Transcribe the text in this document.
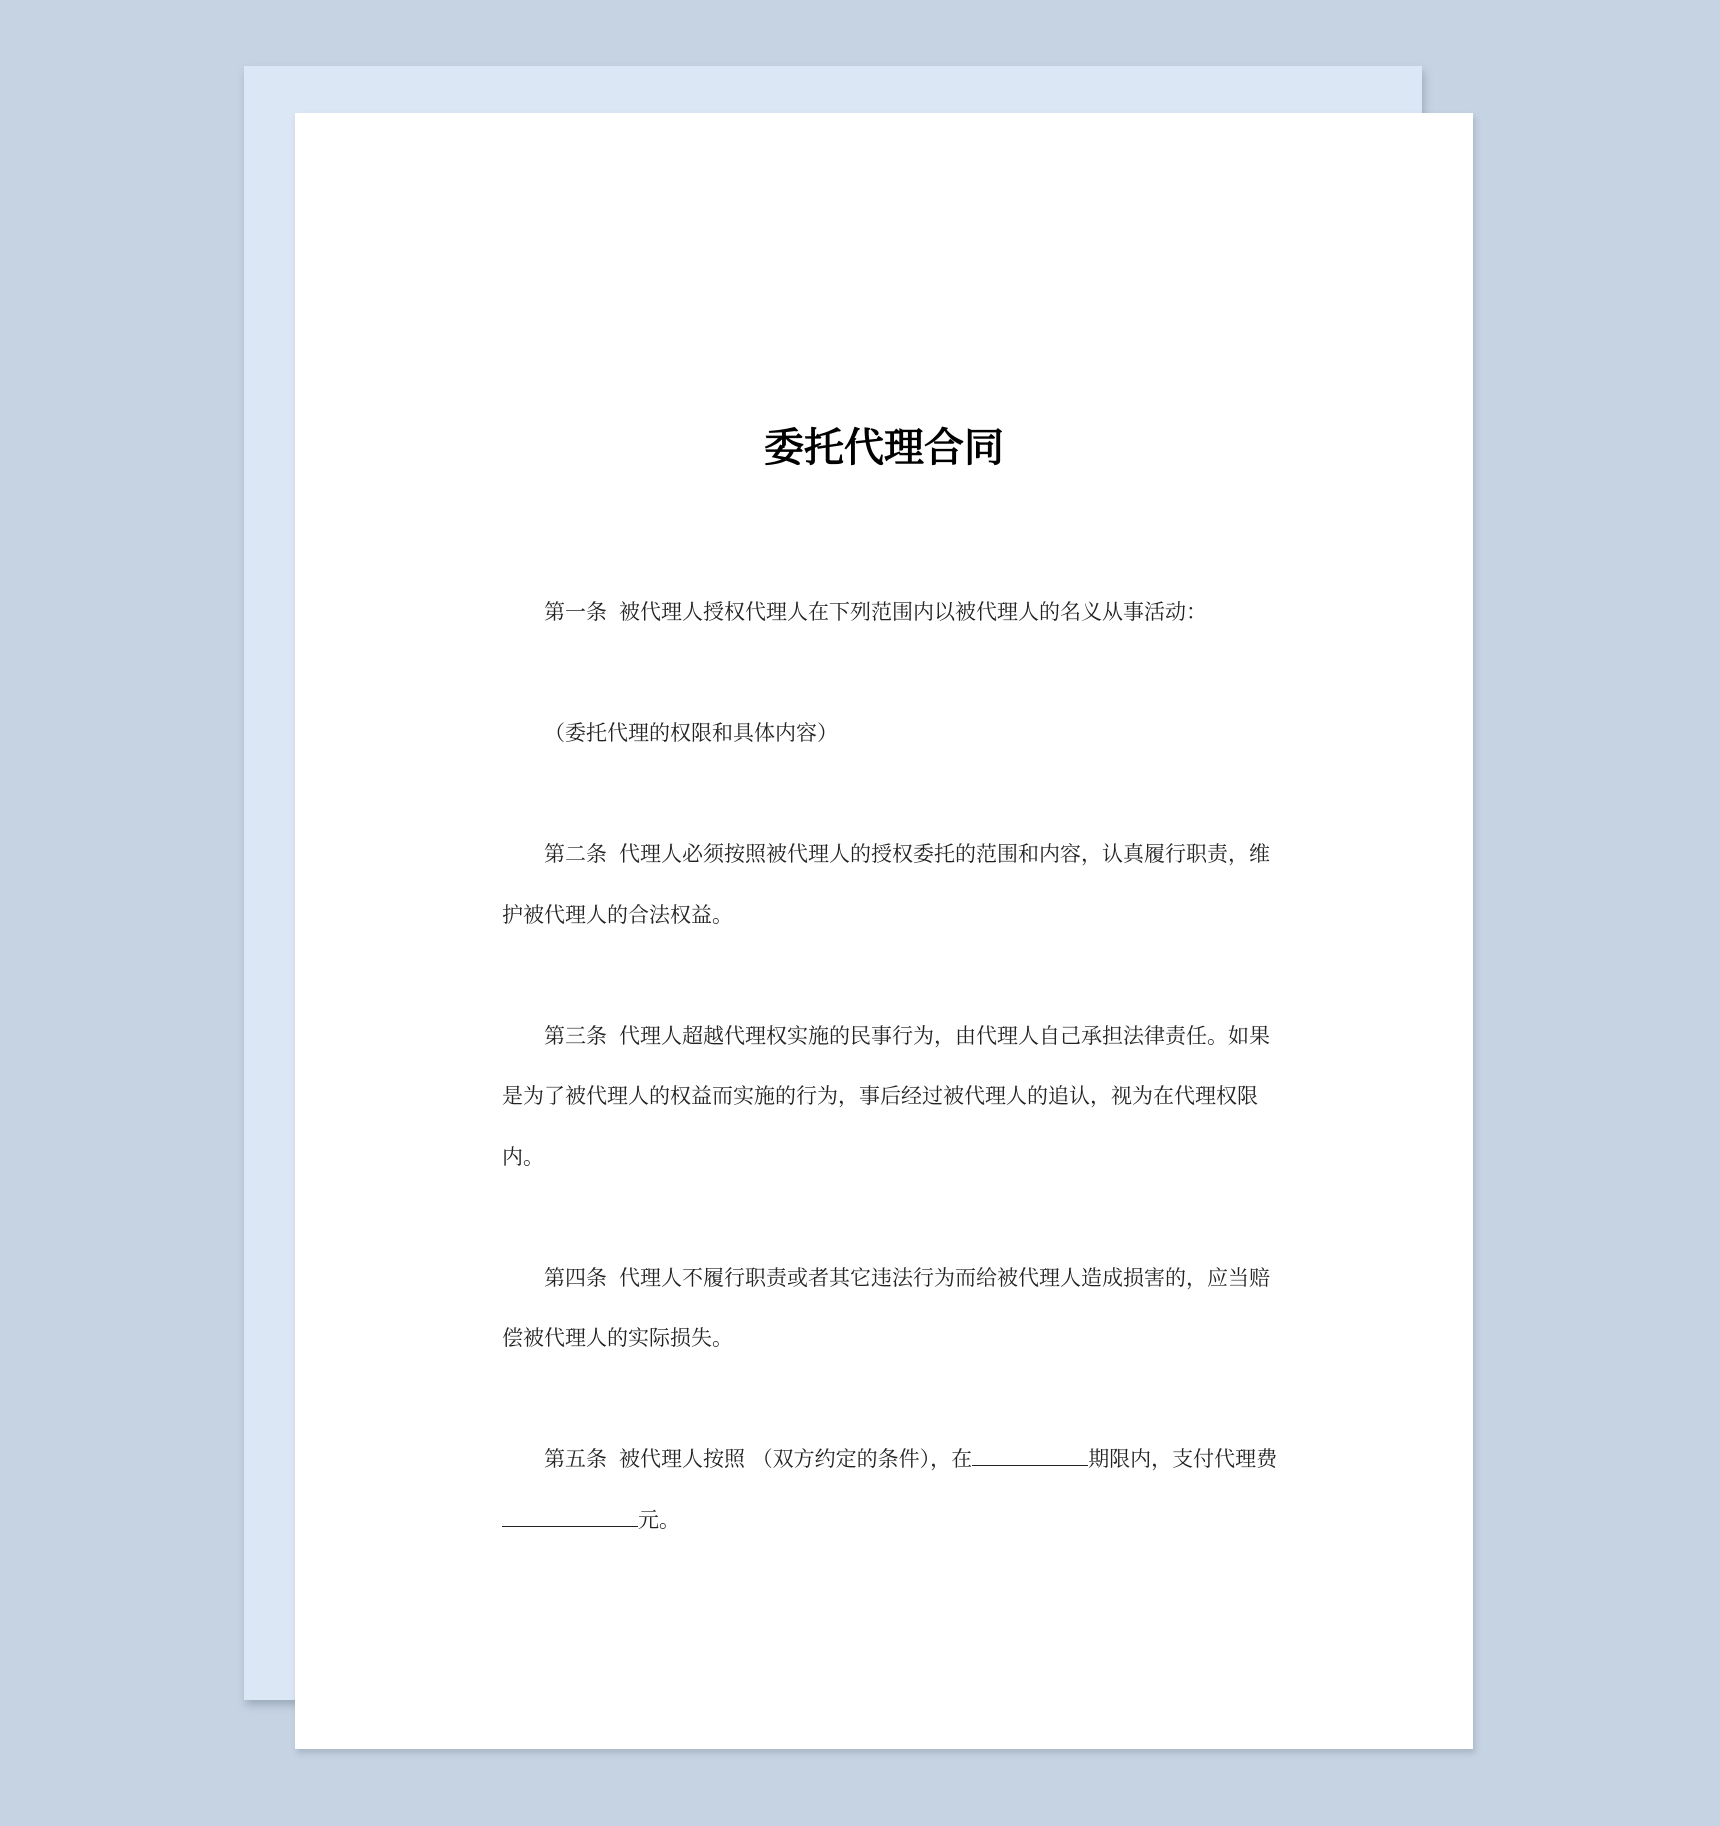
委托代理合同

第一条 被代理人授权代理人在下列范围内以被代理人的名义从事活动：

（委托代理的权限和具体内容）

第二条 代理人必须按照被代理人的授权委托的范围和内容，认真履行职责，维护被代理人的合法权益。

第三条 代理人超越代理权实施的民事行为，由代理人自己承担法律责任。如果是为了被代理人的权益而实施的行为，事后经过被代理人的追认，视为在代理权限内。

第四条 代理人不履行职责或者其它违法行为而给被代理人造成损害的，应当赔偿被代理人的实际损失。

第五条 被代理人按照 （双方约定的条件），在	期限内，支付代理费元。
